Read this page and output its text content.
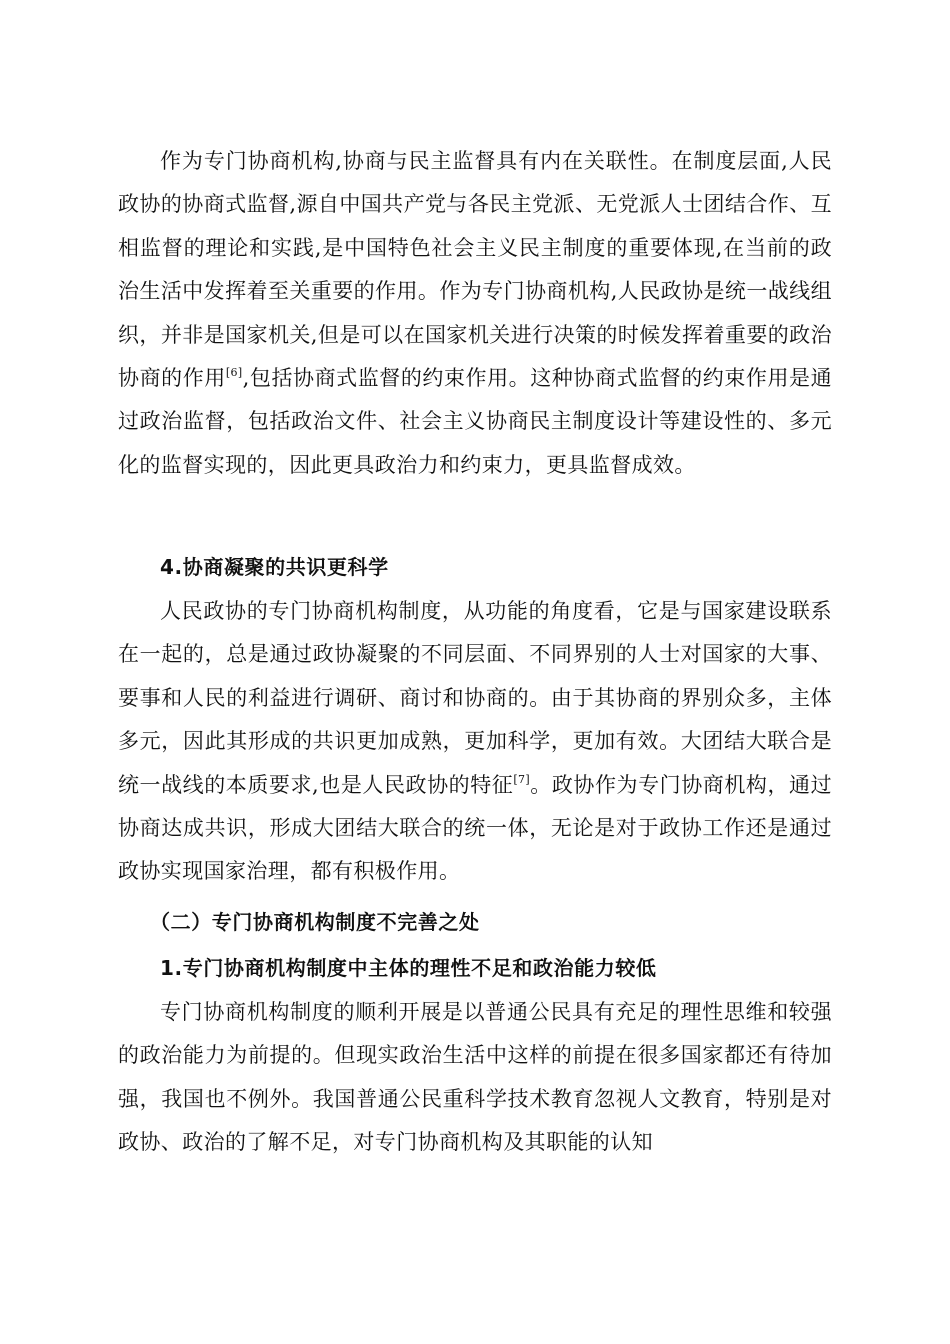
作为专门协商机构,协商与民主监督具有内在关联性。在制度层面,人民政协的协商式监督,源自中国共产党与各民主党派、无党派人士团结合作、互相监督的理论和实践,是中国特色社会主义民主制度的重要体现,在当前的政治生活中发挥着至关重要的作用。作为专门协商机构,人民政协是统一战线组织，并非是国家机关,但是可以在国家机关进行决策的时候发挥着重要的政治协商的作用[6],包括协商式监督的约束作用。这种协商式监督的约束作用是通过政治监督，包括政治文件、社会主义协商民主制度设计等建设性的、多元化的监督实现的，因此更具政治力和约束力，更具监督成效。

4.协商凝聚的共识更科学

人民政协的专门协商机构制度，从功能的角度看，它是与国家建设联系在一起的，总是通过政协凝聚的不同层面、不同界别的人士对国家的大事、要事和人民的利益进行调研、商讨和协商的。由于其协商的界别众多，主体多元，因此其形成的共识更加成熟，更加科学，更加有效。大团结大联合是统一战线的本质要求,也是人民政协的特征[7]。政协作为专门协商机构，通过协商达成共识，形成大团结大联合的统一体，无论是对于政协工作还是通过政协实现国家治理，都有积极作用。

（二）专门协商机构制度不完善之处
1.专门协商机构制度中主体的理性不足和政治能力较低

专门协商机构制度的顺利开展是以普通公民具有充足的理性思维和较强的政治能力为前提的。但现实政治生活中这样的前提在很多国家都还有待加强，我国也不例外。我国普通公民重科学技术教育忽视人文教育，特别是对政协、政治的了解不足，对专门协商机构及其职能的认知
